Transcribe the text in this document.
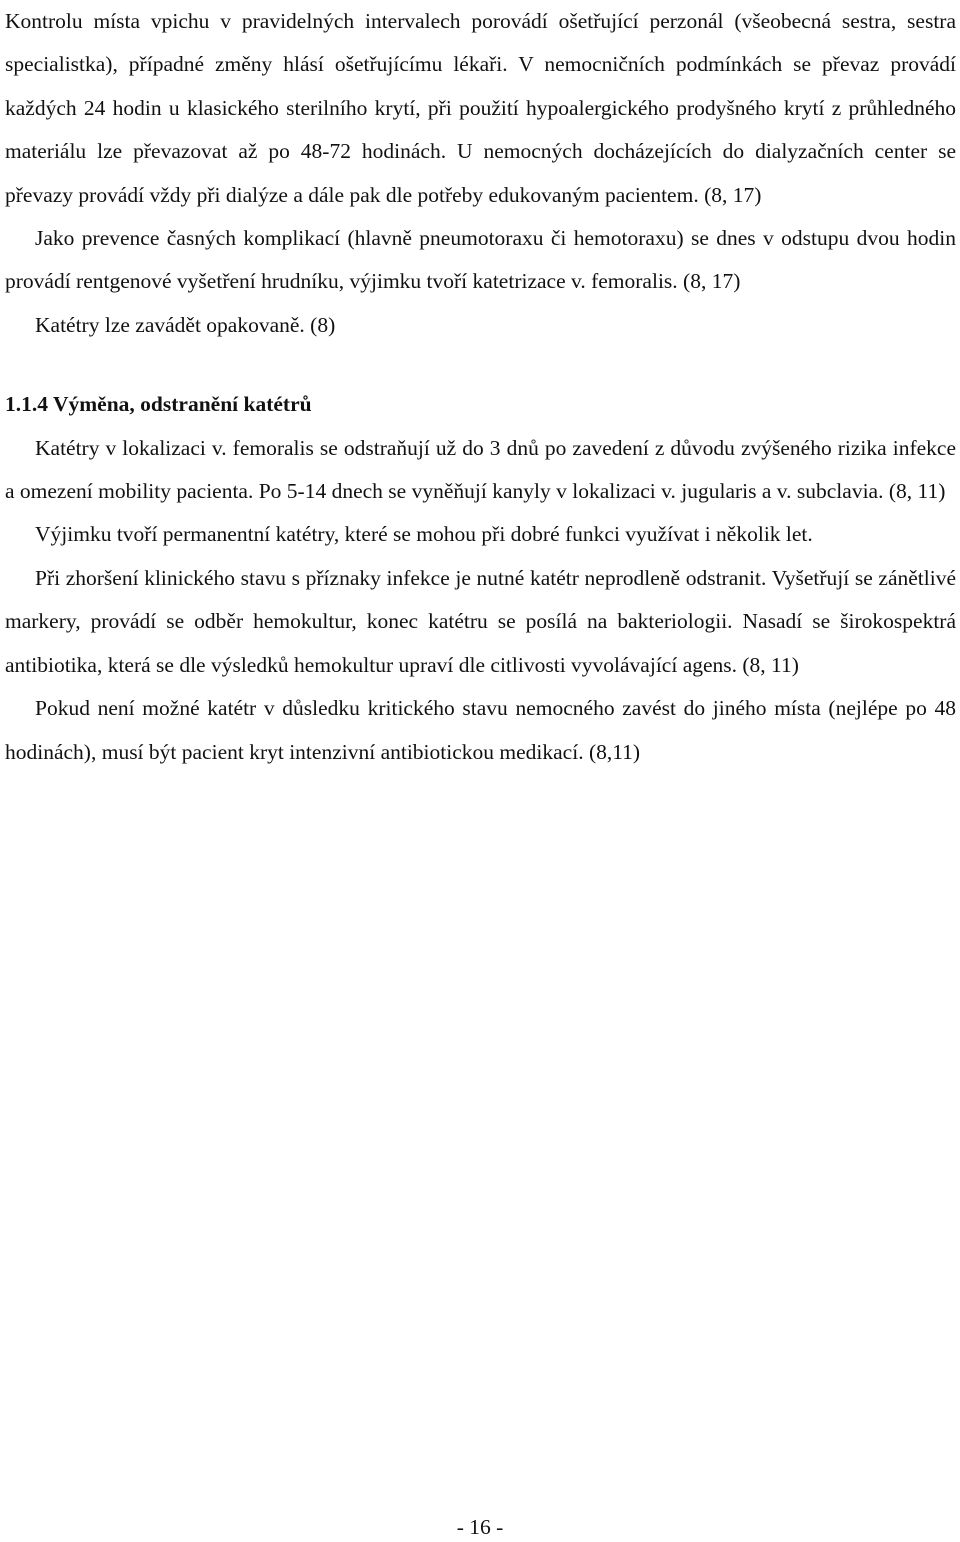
Kontrolu místa vpichu v pravidelných intervalech porovádí ošetřující perzonál (všeobecná sestra, sestra specialistka), případné změny hlásí ošetřujícímu lékaři. V nemocničních podmínkách se převaz provádí každých 24 hodin u klasického sterilního krytí, při použití hypoalergického prodyšného krytí z průhledného materiálu lze převazovat až po 48-72 hodinách. U nemocných docházejících do dialyzačních center se převazy provádí vždy při dialýze a dále pak dle potřeby edukovaným pacientem. (8, 17)

Jako prevence časných komplikací (hlavně pneumotoraxu či hemotoraxu) se dnes v odstupu dvou hodin provádí rentgenové vyšetření hrudníku, výjimku tvoří katetrizace v. femoralis. (8, 17)

Katétry lze zavádět opakovaně. (8)

1.1.4 Výměna, odstranění katétrů

Katétry v lokalizaci v. femoralis se odstraňují už do 3 dnů po zavedení z důvodu zvýšeného rizika infekce a omezení mobility pacienta. Po 5-14 dnech se vyněňují kanyly v lokalizaci v. jugularis a v. subclavia. (8, 11)

Výjimku tvoří permanentní katétry, které se mohou při dobré funkci využívat i několik let.

Při zhoršení klinického stavu s příznaky infekce je nutné katétr neprodleně odstranit. Vyšetřují se zánětlivé markery, provádí se odběr hemokultur, konec katétru se posílá na bakteriologii. Nasadí se širokospektrá antibiotika, která se dle výsledků hemokultur upraví dle citlivosti vyvolávající agens. (8, 11)

Pokud není možné katétr v důsledku kritického stavu nemocného zavést do jiného místa (nejlépe po 48 hodinách), musí být pacient kryt intenzivní antibiotickou medikací. (8,11)

- 16 -
